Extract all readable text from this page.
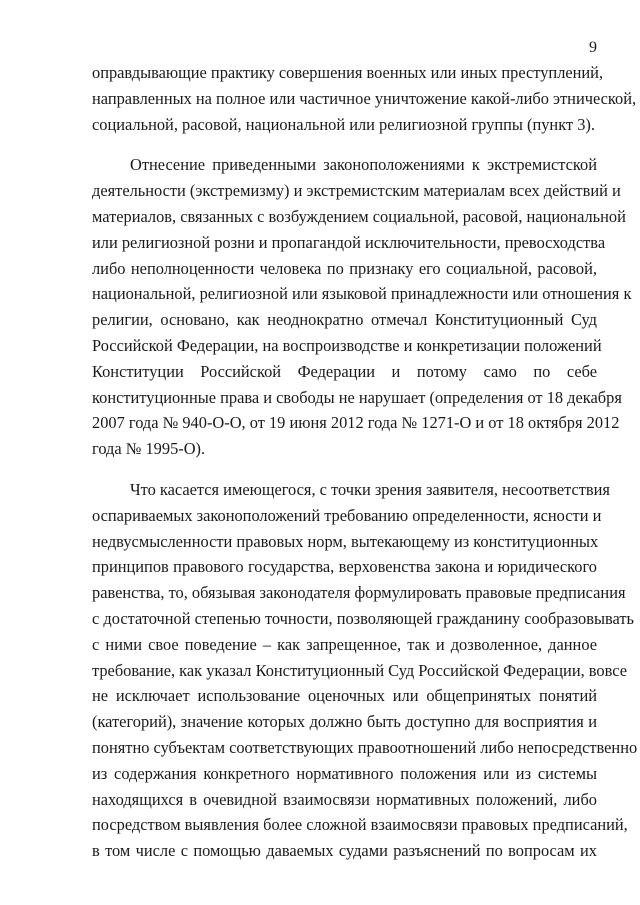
9

оправдывающие практику совершения военных или иных преступлений,
направленных на полное или частичное уничтожение какой-либо этнической,
социальной, расовой, национальной или религиозной группы (пункт 3).

Отнесение приведенными законоположениями к экстремистской
деятельности (экстремизму) и экстремистским материалам всех действий и
материалов, связанных с возбуждением социальной, расовой, национальной
или религиозной розни и пропагандой исключительности, превосходства
либо неполноценности человека по признаку его социальной, расовой,
национальной, религиозной или языковой принадлежности или отношения к
религии, основано, как неоднократно отмечал Конституционный Суд
Российской Федерации, на воспроизводстве и конкретизации положений
Конституции Российской Федерации и потому само по себе
конституционные права и свободы не нарушает (определения от 18 декабря
2007 года № 940-О-О, от 19 июня 2012 года № 1271-О и от 18 октября 2012
года № 1995-О).

Что касается имеющегося, с точки зрения заявителя, несоответствия
оспариваемых законоположений требованию определенности, ясности и
недвусмысленности правовых норм, вытекающему из конституционных
принципов правового государства, верховенства закона и юридического
равенства, то, обязывая законодателя формулировать правовые предписания
с достаточной степенью точности, позволяющей гражданину сообразовывать
с ними свое поведение – как запрещенное, так и дозволенное, данное
требование, как указал Конституционный Суд Российской Федерации, вовсе
не исключает использование оценочных или общепринятых понятий
(категорий), значение которых должно быть доступно для восприятия и
понятно субъектам соответствующих правоотношений либо непосредственно
из содержания конкретного нормативного положения или из системы
находящихся в очевидной взаимосвязи нормативных положений, либо
посредством выявления более сложной взаимосвязи правовых предписаний,
в том числе с помощью даваемых судами разъяснений по вопросам их
